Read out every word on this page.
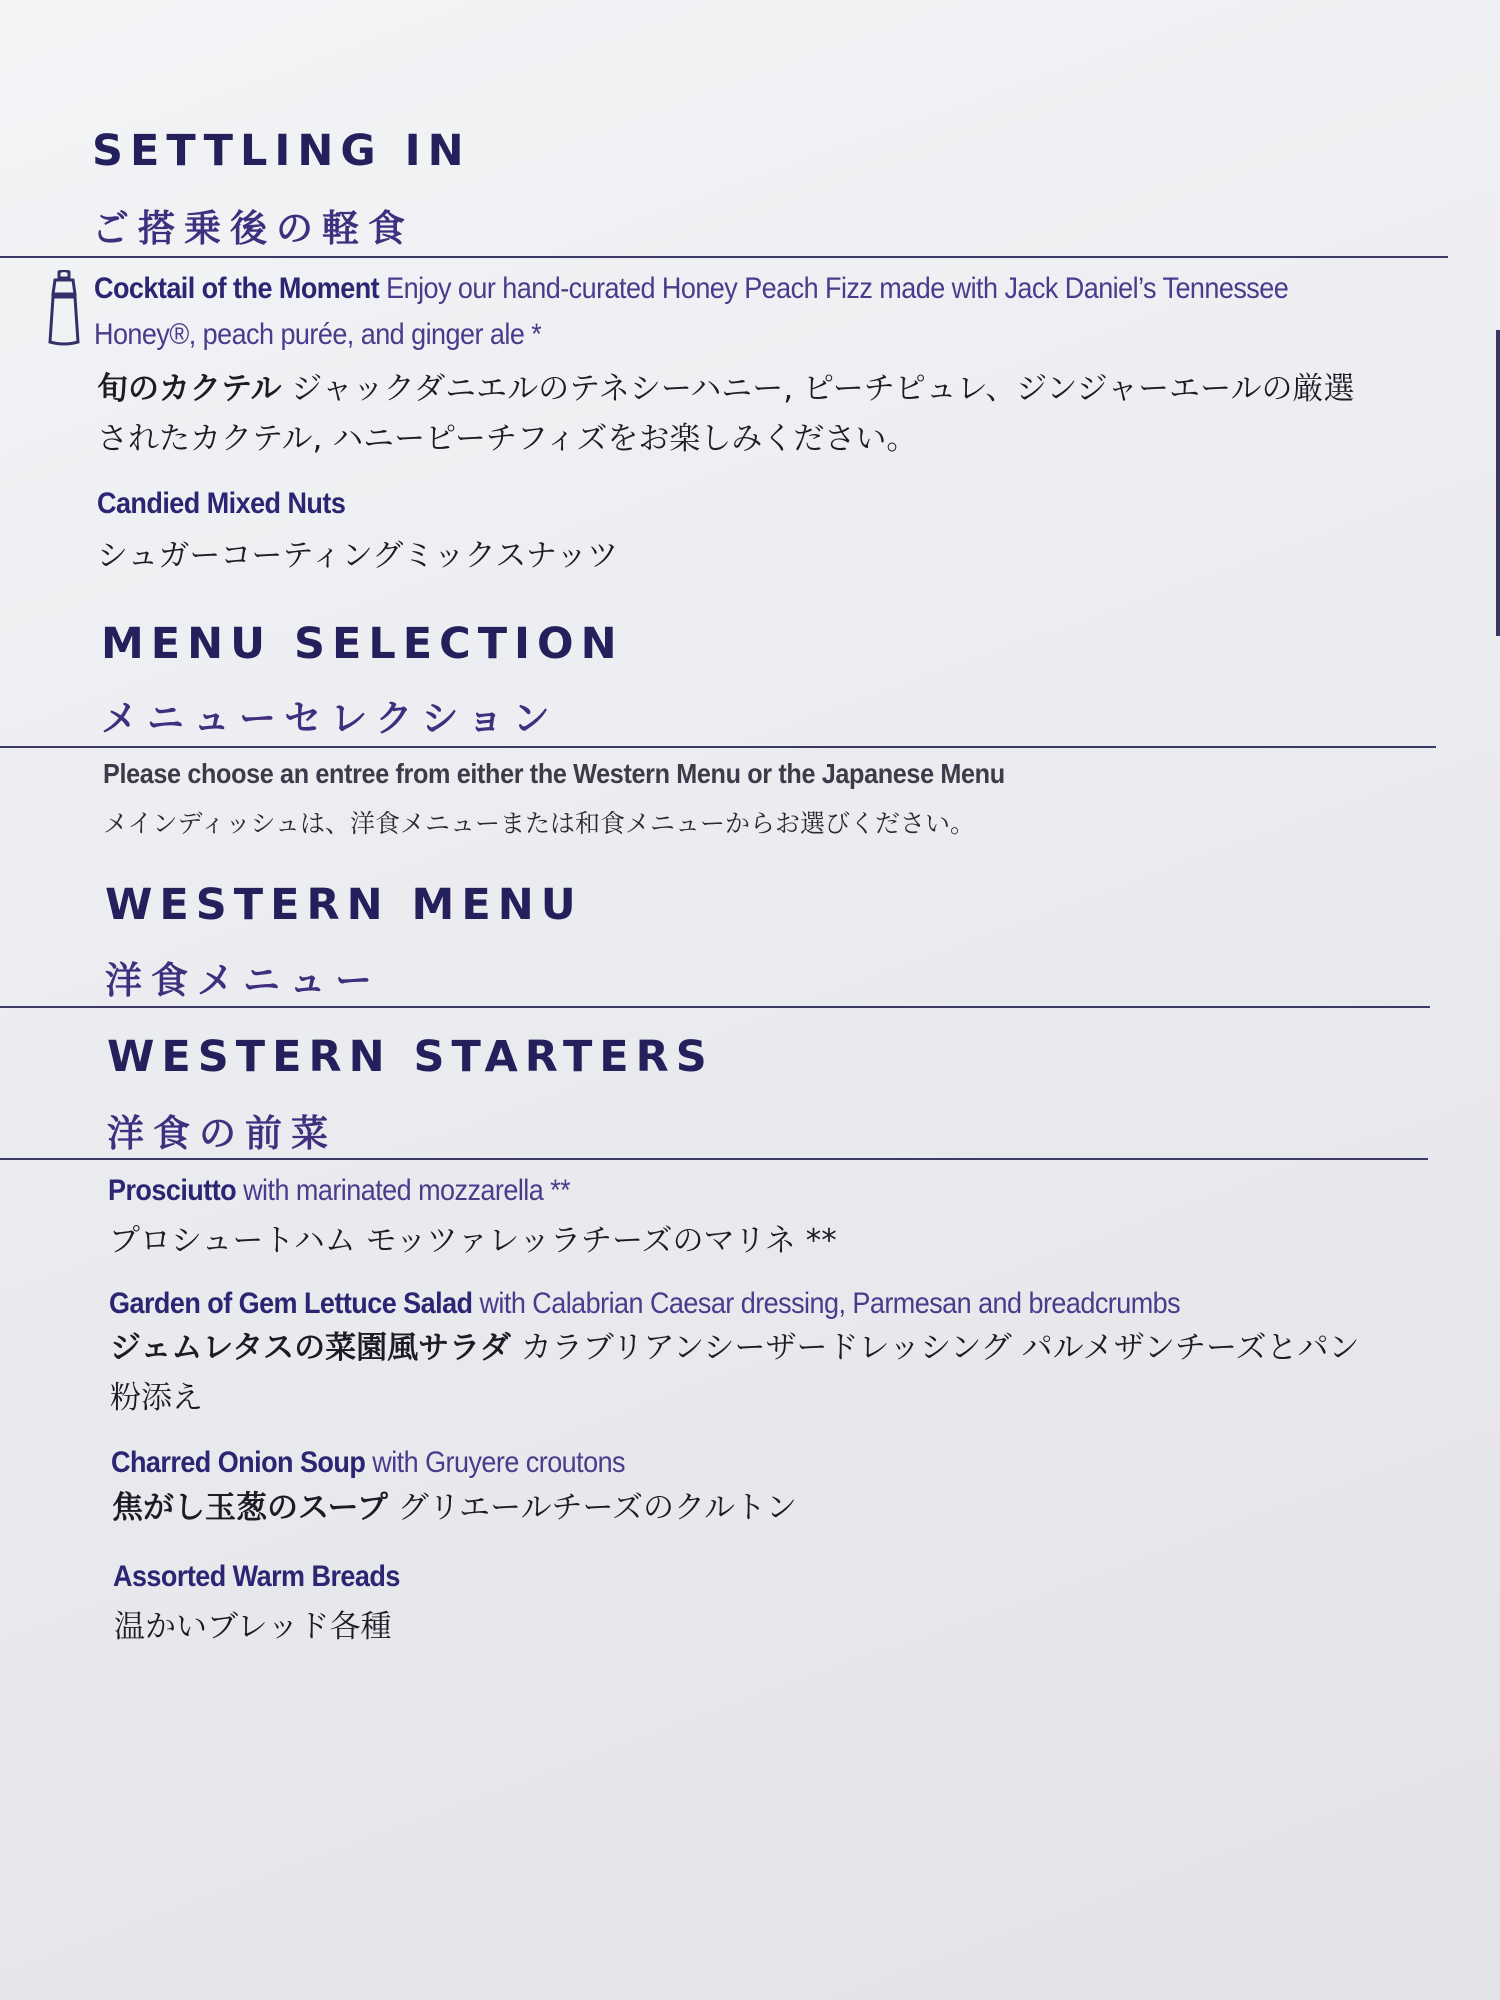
SETTLING IN
ご搭乗後の軽食
Cocktail of the Moment Enjoy our hand-curated Honey Peach Fizz made with Jack Daniel’s Tennessee
Honey®, peach purée, and ginger ale *
旬のカクテル ジャックダニエルのテネシーハニー, ピーチピュレ、ジンジャーエールの厳選
されたカクテル, ハニーピーチフィズをお楽しみください。
Candied Mixed Nuts
シュガーコーティングミックスナッツ
MENU SELECTION
メニューセレクション
Please choose an entree from either the Western Menu or the Japanese Menu
メインディッシュは、洋食メニューまたは和食メニューからお選びください。
WESTERN MENU
洋食メニュー
WESTERN STARTERS
洋食の前菜
Prosciutto with marinated mozzarella **
プロシュートハム モッツァレッラチーズのマリネ **
Garden of Gem Lettuce Salad with Calabrian Caesar dressing, Parmesan and breadcrumbs
ジェムレタスの菜園風サラダ カラブリアンシーザードレッシング パルメザンチーズとパン
粉添え
Charred Onion Soup with Gruyere croutons
焦がし玉葱のスープ グリエールチーズのクルトン
Assorted Warm Breads
温かいブレッド各種
